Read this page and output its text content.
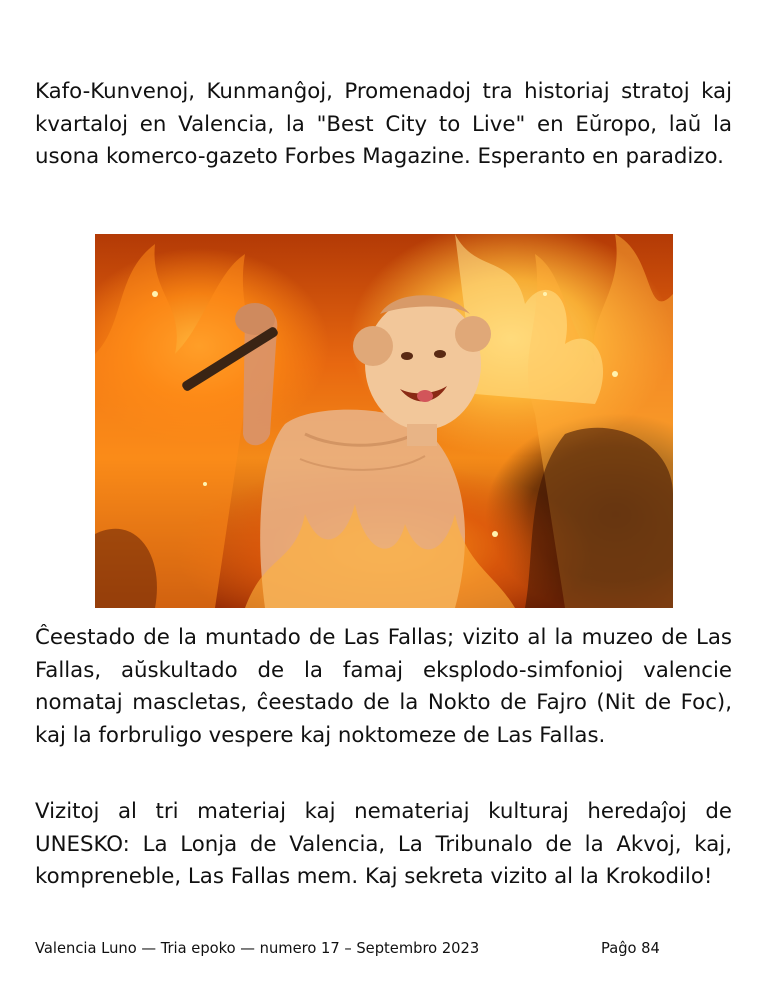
Kafo-Kunvenoj, Kunmanĝoj, Promenadoj tra historiaj stratoj kaj kvartaloj en Valencia, la "Best City to Live" en Eŭropo, laŭ la usona komerco-gazeto Forbes Magazine. Esperanto en paradizo.

Ĉeestado de la muntado de Las Fallas; vizito al la muzeo de Las Fallas, aŭskultado de la famaj eksplodo-simfonioj valencie nomataj mascletas, ĉeestado de la Nokto de Fajro (Nit de Foc), kaj la forbruligo vespere kaj noktomeze de Las Fallas.

Vizitoj al tri materiaj kaj nemateriaj kulturaj heredaĵoj de UNESKO: La Lonja de Valencia, La Tribunalo de la Akvoj, kaj, kompreneble, Las Fallas mem. Kaj sekreta vizito al la Krokodilo!

Valencia Luno — Tria epoko — numero 17 – Septembro 2023	Paĝo 84
